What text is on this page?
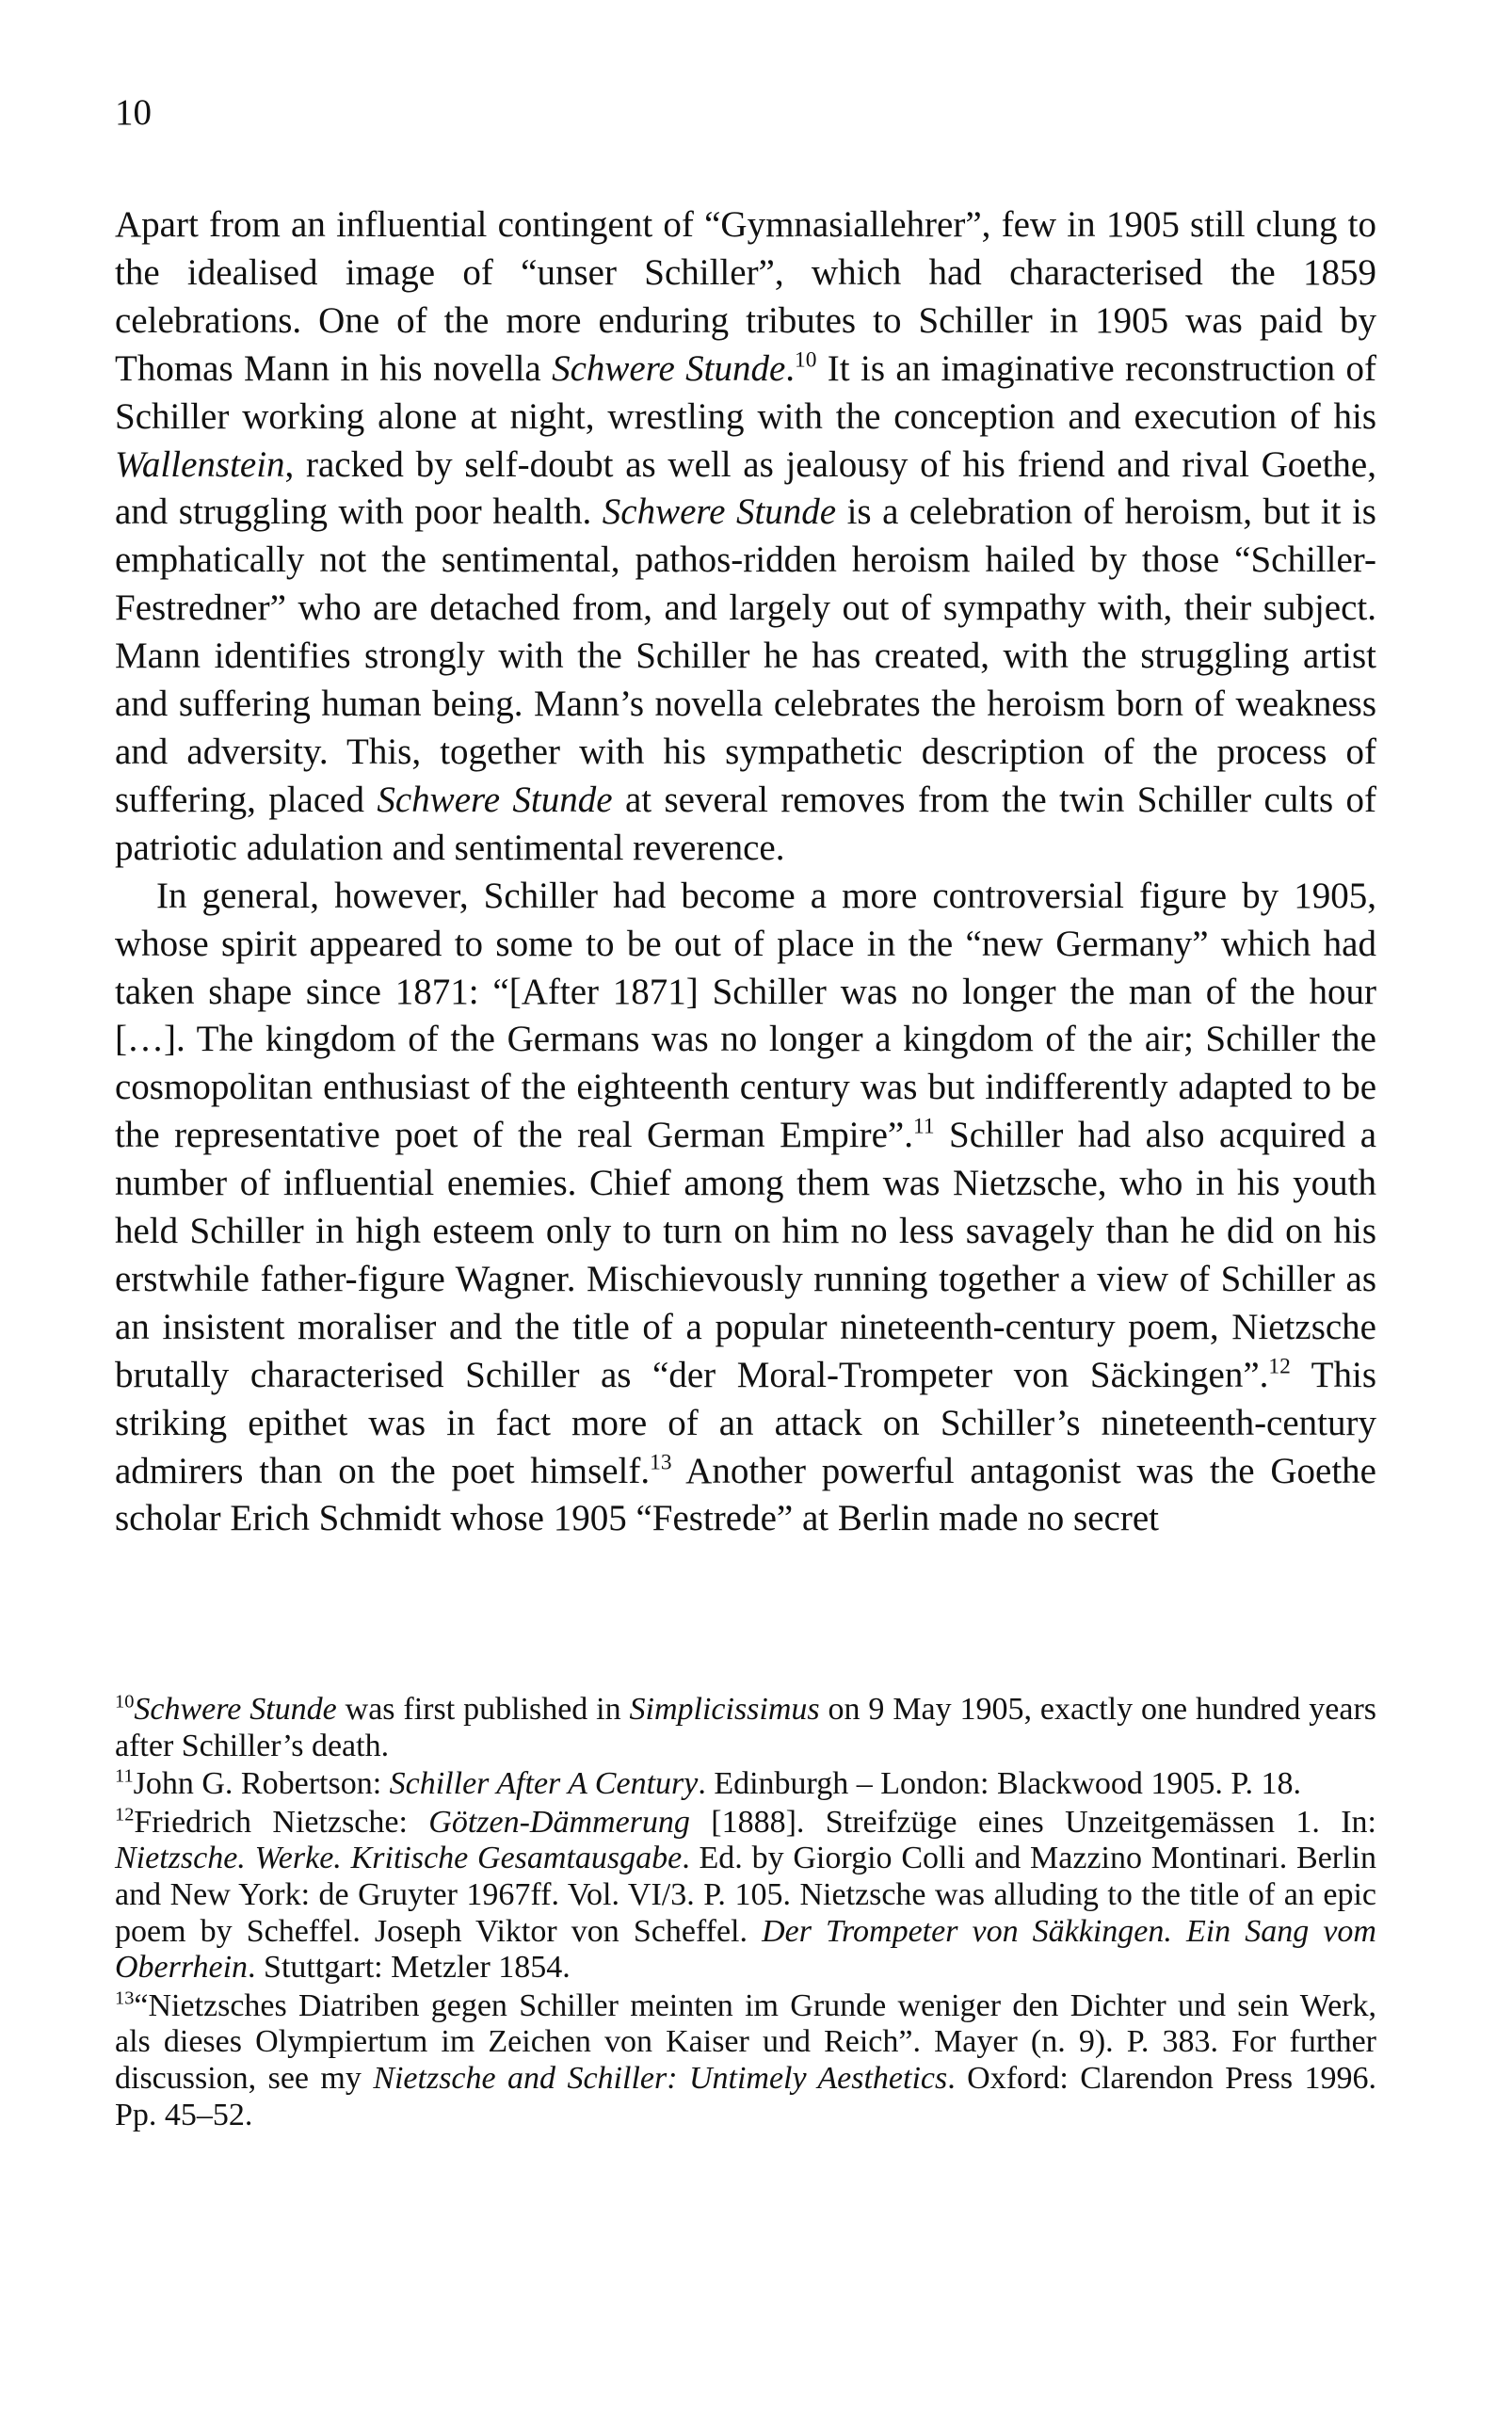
10

Apart from an influential contingent of “Gymnasiallehrer”, few in 1905 still clung to the idealised image of “unser Schiller”, which had characterised the 1859 celebrations. One of the more enduring tributes to Schiller in 1905 was paid by Thomas Mann in his novella Schwere Stunde.$^{10}$ It is an imaginative reconstruction of Schiller working alone at night, wrestling with the conception and execution of his Wallenstein, racked by self-doubt as well as jealousy of his friend and rival Goethe, and struggling with poor health. Schwere Stunde is a celebration of heroism, but it is emphatically not the sentimental, pathos-ridden heroism hailed by those “Schiller-Festredner” who are detached from, and largely out of sympathy with, their subject. Mann identifies strongly with the Schiller he has created, with the struggling artist and suffering human being. Mann’s novella celebrates the heroism born of weakness and adversity. This, together with his sympathetic description of the process of suffering, placed Schwere Stunde at several removes from the twin Schiller cults of patriotic adulation and sentimental reverence.

In general, however, Schiller had become a more controversial figure by 1905, whose spirit appeared to some to be out of place in the “new Germany” which had taken shape since 1871: “[After 1871] Schiller was no longer the man of the hour […]. The kingdom of the Germans was no longer a kingdom of the air; Schiller the cosmopolitan enthusiast of the eighteenth century was but indifferently adapted to be the representative poet of the real German Empire”.$^{11}$ Schiller had also acquired a number of influential enemies. Chief among them was Nietzsche, who in his youth held Schiller in high esteem only to turn on him no less savagely than he did on his erstwhile father-figure Wagner. Mischievously running together a view of Schiller as an insistent moraliser and the title of a popular nineteenth-century poem, Nietzsche brutally characterised Schiller as “der Moral-Trompeter von Säckingen”.$^{12}$ This striking epithet was in fact more of an attack on Schiller’s nineteenth-century admirers than on the poet himself.$^{13}$ Another powerful antagonist was the Goethe scholar Erich Schmidt whose 1905 “Festrede” at Berlin made no secret

$^{10}$Schwere Stunde was first published in Simplicissimus on 9 May 1905, exactly one hundred years after Schiller’s death.

$^{11}$John G. Robertson: Schiller After A Century. Edinburgh – London: Blackwood 1905. P. 18.

$^{12}$Friedrich Nietzsche: Götzen-Dämmerung [1888]. Streifzüge eines Unzeitgemässen 1. In: Nietzsche. Werke. Kritische Gesamtausgabe. Ed. by Giorgio Colli and Mazzino Montinari. Berlin and New York: de Gruyter 1967ff. Vol. VI/3. P. 105. Nietzsche was alluding to the title of an epic poem by Scheffel. Joseph Viktor von Scheffel. Der Trompeter von Säkkingen. Ein Sang vom Oberrhein. Stuttgart: Metzler 1854.

$^{13}$“Nietzsches Diatriben gegen Schiller meinten im Grunde weniger den Dichter und sein Werk, als dieses Olympiertum im Zeichen von Kaiser und Reich”. Mayer (n. 9). P. 383. For further discussion, see my Nietzsche and Schiller: Untimely Aesthetics. Oxford: Clarendon Press 1996. Pp. 45–52.
